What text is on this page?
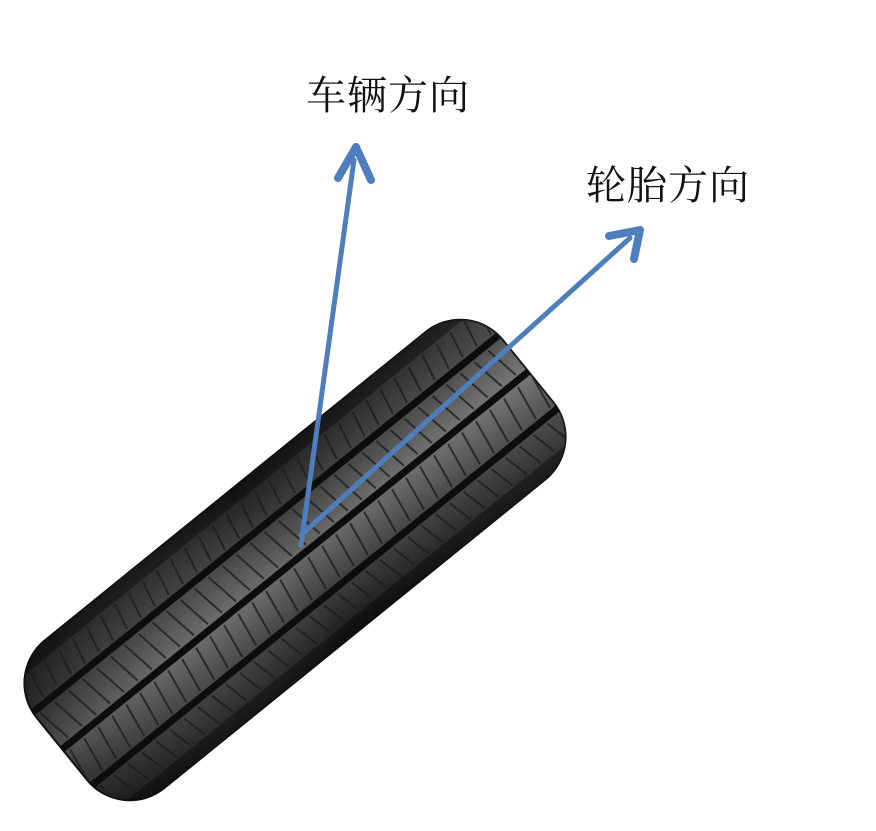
车辆方向
轮胎方向
